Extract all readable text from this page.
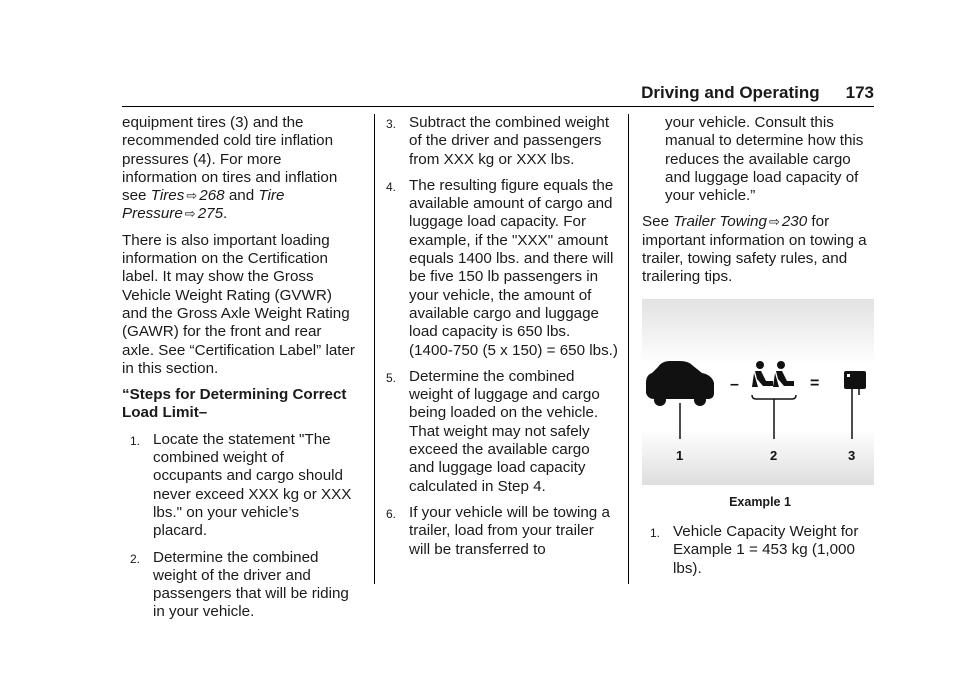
Driving and Operating 173

equipment tires (3) and the recommended cold tire inflation pressures (4). For more information on tires and inflation see Tires ⇨ 268 and Tire Pressure ⇨ 275.

There is also important loading information on the Certification label. It may show the Gross Vehicle Weight Rating (GVWR) and the Gross Axle Weight Rating (GAWR) for the front and rear axle. See “Certification Label” later in this section.

“Steps for Determining Correct Load Limit–
1. Locate the statement "The combined weight of occupants and cargo should never exceed XXX kg or XXX lbs." on your vehicle’s placard.
2. Determine the combined weight of the driver and passengers that will be riding in your vehicle.
3. Subtract the combined weight of the driver and passengers from XXX kg or XXX lbs.
4. The resulting figure equals the available amount of cargo and luggage load capacity. For example, if the "XXX" amount equals 1400 lbs. and there will be five 150 lb passengers in your vehicle, the amount of available cargo and luggage load capacity is 650 lbs. (1400-750 (5 x 150) = 650 lbs.)
5. Determine the combined weight of luggage and cargo being loaded on the vehicle. That weight may not safely exceed the available cargo and luggage load capacity calculated in Step 4.
6. If your vehicle will be towing a trailer, load from your trailer will be transferred to

your vehicle. Consult this manual to determine how this reduces the available cargo and luggage load capacity of your vehicle.”

See Trailer Towing ⇨ 230 for important information on towing a trailer, towing safety rules, and trailering tips.

–	=
1	2	3
Example 1
1. Vehicle Capacity Weight for Example 1 = 453 kg (1,000 lbs).
